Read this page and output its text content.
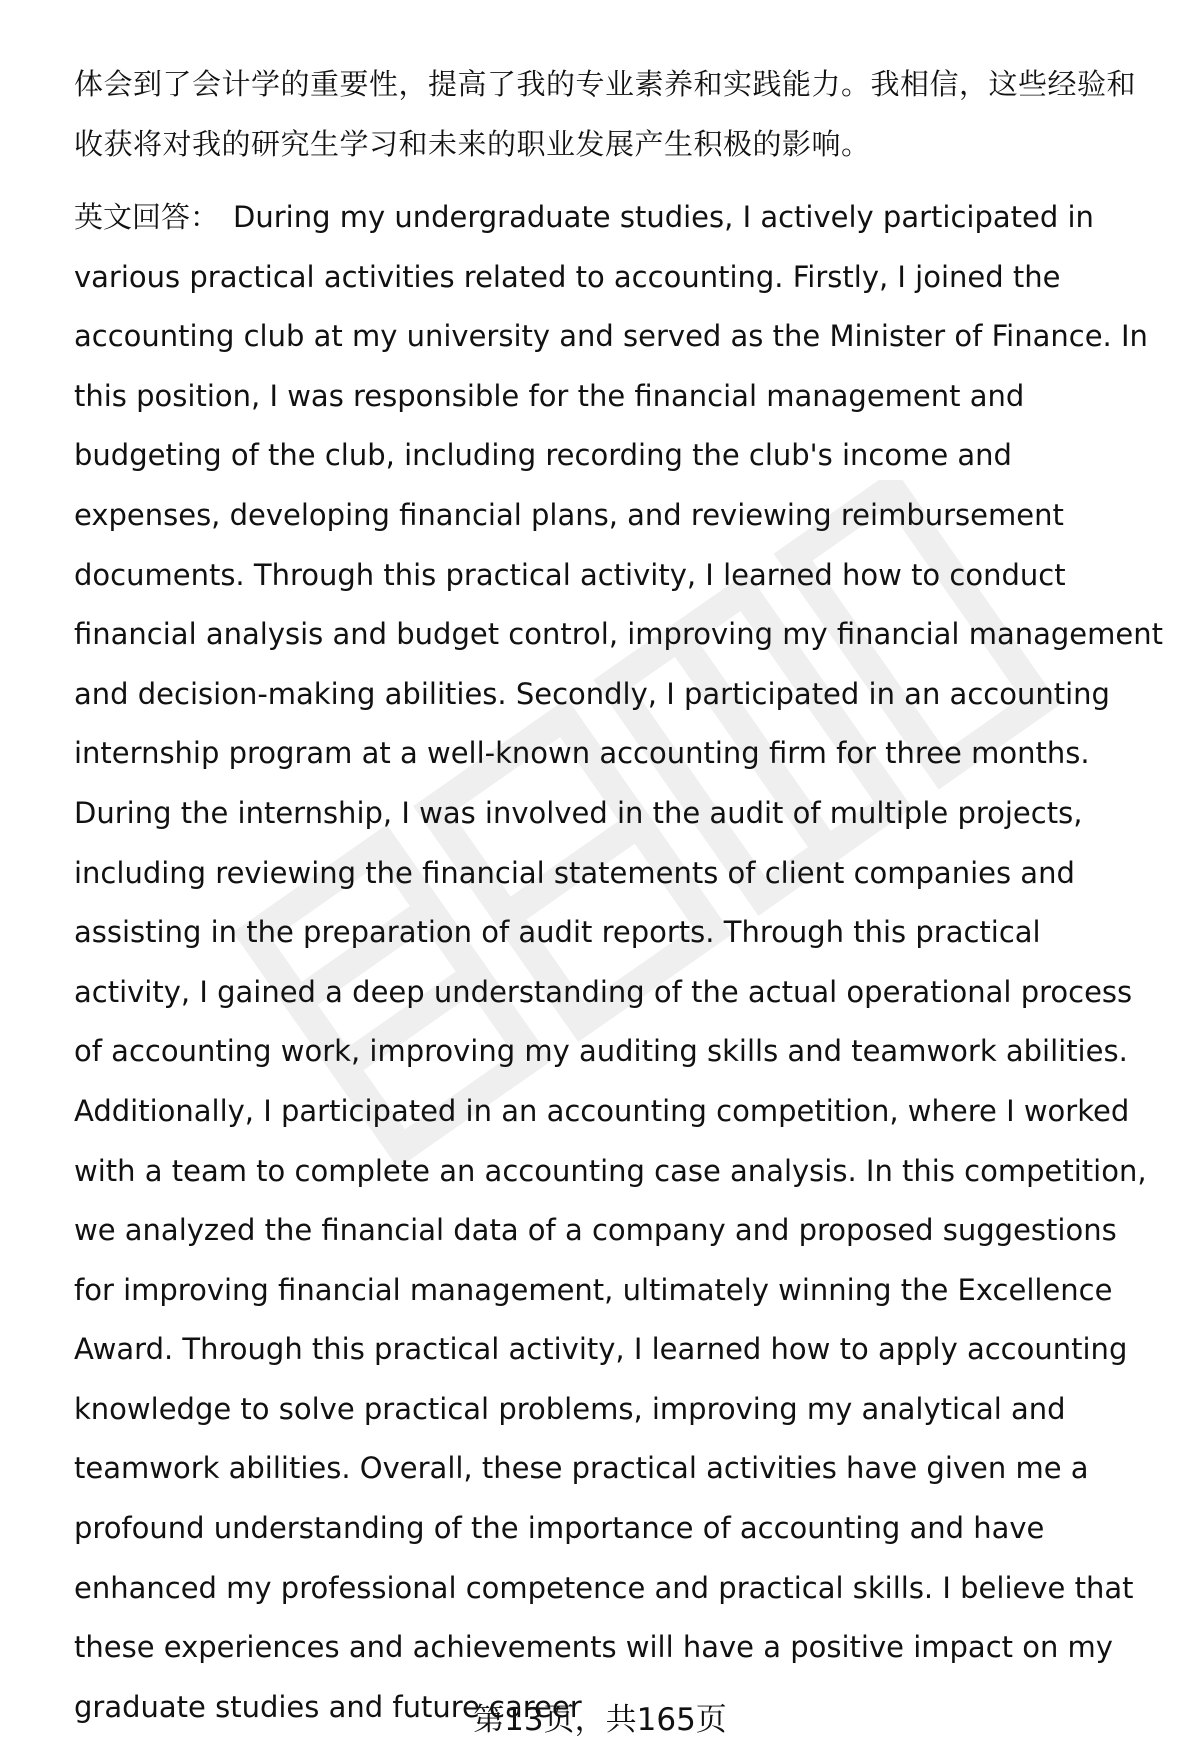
体会到了会计学的重要性，提高了我的专业素养和实践能力。我相信，这些经验和收获将对我的研究生学习和未来的职业发展产生积极的影响。

英文回答： During my undergraduate studies, I actively participated in various practical activities related to accounting. Firstly, I joined the accounting club at my university and served as the Minister of Finance. In this position, I was responsible for the financial management and budgeting of the club, including recording the club's income and expenses, developing financial plans, and reviewing reimbursement documents. Through this practical activity, I learned how to conduct financial analysis and budget control, improving my financial management and decision-making abilities. Secondly, I participated in an accounting internship program at a well-known accounting firm for three months. During the internship, I was involved in the audit of multiple projects, including reviewing the financial statements of client companies and assisting in the preparation of audit reports. Through this practical activity, I gained a deep understanding of the actual operational process of accounting work, improving my auditing skills and teamwork abilities. Additionally, I participated in an accounting competition, where I worked with a team to complete an accounting case analysis. In this competition, we analyzed the financial data of a company and proposed suggestions for improving financial management, ultimately winning the Excellence Award. Through this practical activity, I learned how to apply accounting knowledge to solve practical problems, improving my analytical and teamwork abilities. Overall, these practical activities have given me a profound understanding of the importance of accounting and have enhanced my professional competence and practical skills. I believe that these experiences and achievements will have a positive impact on my graduate studies and future career

第13页，共165页
